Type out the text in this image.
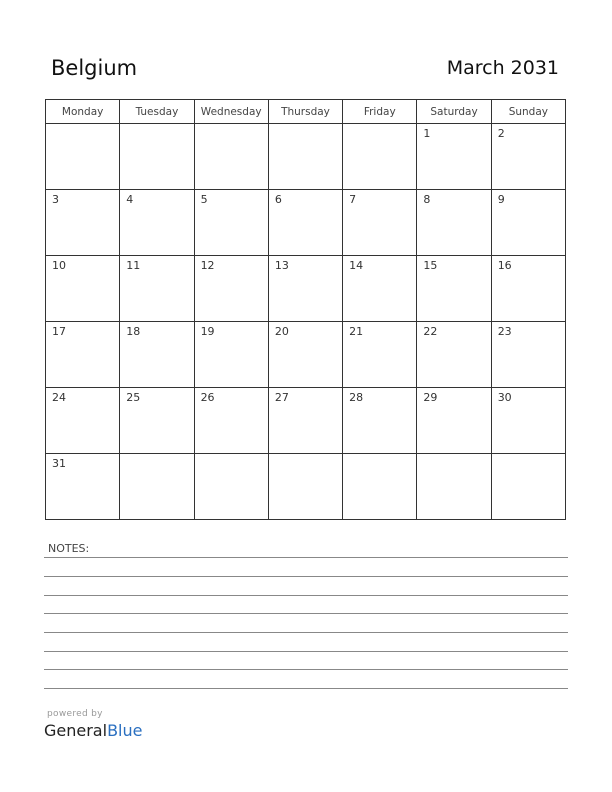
Belgium	March 2031
Monday	Tuesday	Wednesday	Thursday	Friday	Saturday	Sunday

					1	2

3	4	5	6	7	8	9

10	11	12	13	14	15	16

17	18	19	20	21	22	23

24	25	26	27	28	29	30

31						

NOTES:
powered by
GeneralBlue
